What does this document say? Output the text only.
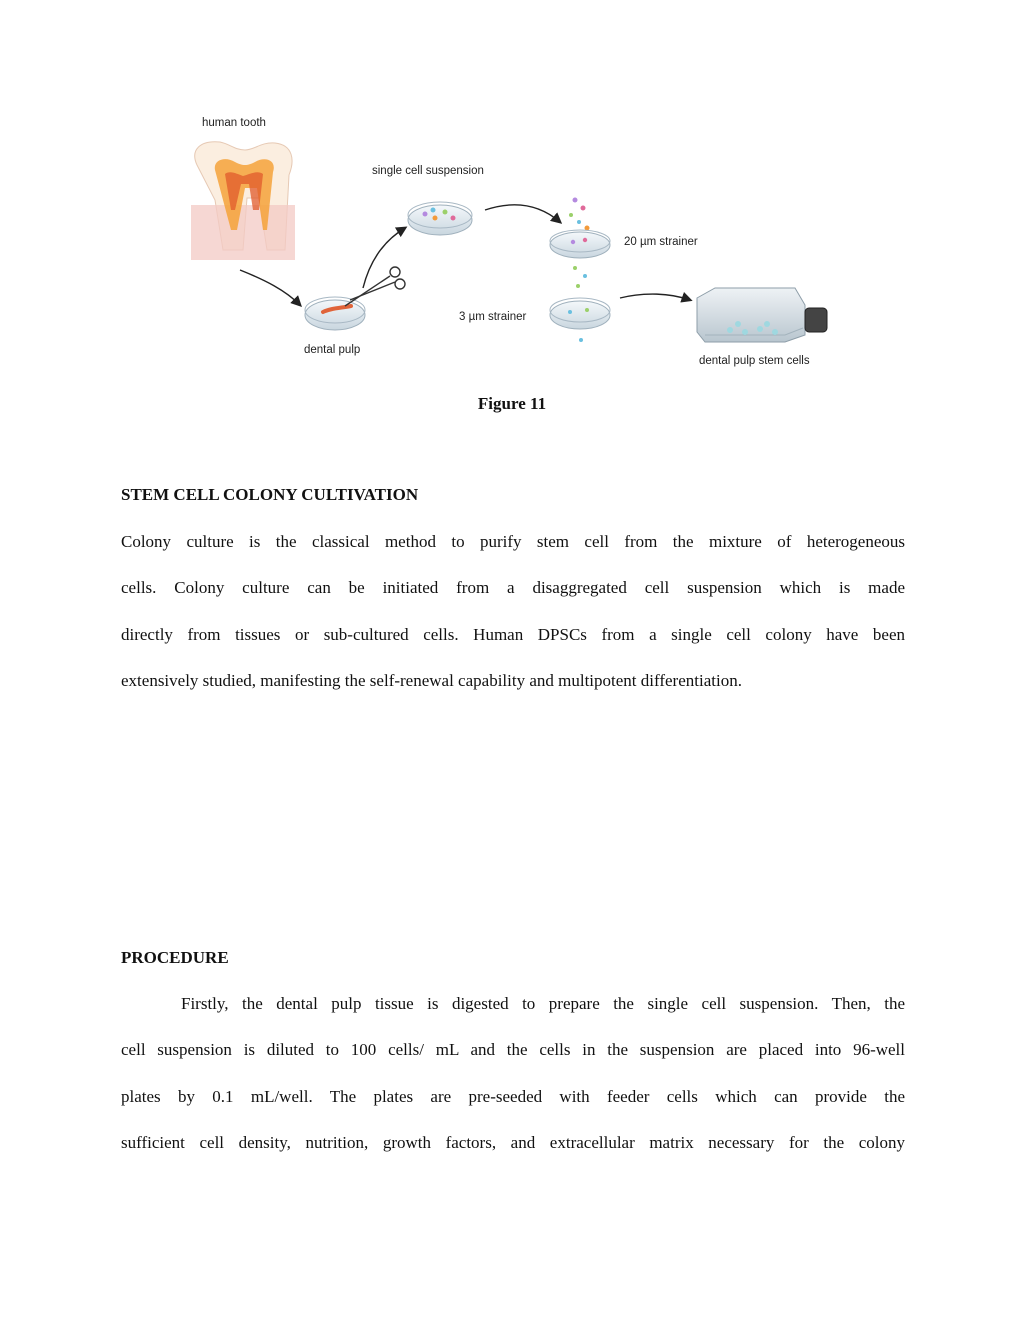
human tooth
single cell suspension
20 µm strainer
3 µm strainer
dental pulp
dental pulp stem cells
Figure 11
STEM CELL COLONY CULTIVATION
Colony culture is the classical method to purify stem cell from the mixture of heterogeneous
cells. Colony culture can be initiated from a disaggregated cell suspension which is made
directly from tissues or sub-cultured cells. Human DPSCs from a single cell colony have been
extensively studied, manifesting the self-renewal capability and multipotent differentiation.
PROCEDURE
Firstly, the dental pulp tissue is digested to prepare the single cell suspension. Then, the
cell suspension is diluted to 100 cells/ mL and the cells in the suspension are placed into 96-well
plates by 0.1 mL/well. The plates are pre-seeded with feeder cells which can provide the
sufficient cell density, nutrition, growth factors, and extracellular matrix necessary for the colony
